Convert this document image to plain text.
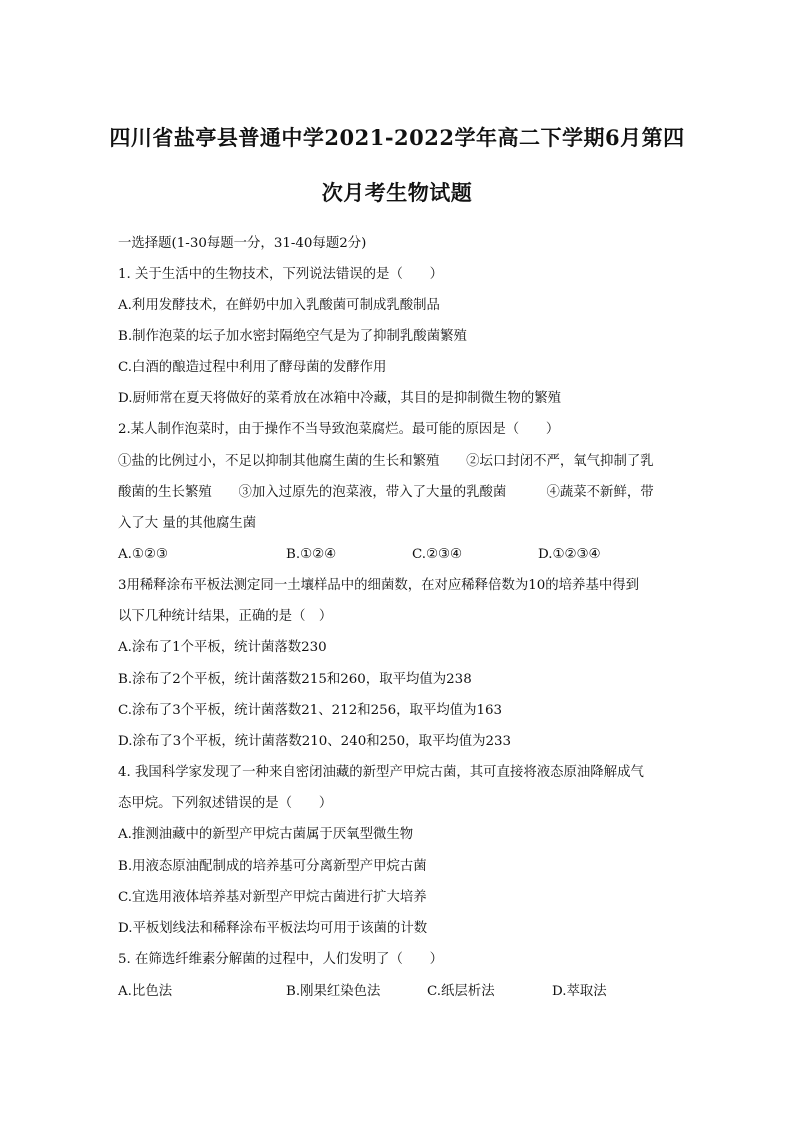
四川省盐亭县普通中学2021-2022学年高二下学期6月第四
次月考生物试题
一选择题(1-30每题一分，31-40每题2分)
1. 关于生活中的生物技术，下列说法错误的是（　　）
A.利用发酵技术，在鲜奶中加入乳酸菌可制成乳酸制品
B.制作泡菜的坛子加水密封隔绝空气是为了抑制乳酸菌繁殖
C.白酒的酿造过程中利用了酵母菌的发酵作用
D.厨师常在夏天将做好的菜肴放在冰箱中冷藏，其目的是抑制微生物的繁殖
2.某人制作泡菜时，由于操作不当导致泡菜腐烂。最可能的原因是（　　）
①盐的比例过小，不足以抑制其他腐生菌的生长和繁殖　　②坛口封闭不严，氧气抑制了乳
酸菌的生长繁殖　　③加入过原先的泡菜液，带入了大量的乳酸菌　　　④蔬菜不新鲜，带
入了大 量的其他腐生菌
A.①②③	B.①②④	C.②③④	D.①②③④
3用稀释涂布平板法测定同一土壤样品中的细菌数，在对应稀释倍数为10的培养基中得到
以下几种统计结果，正确的是（　）
A.涂布了1个平板，统计菌落数230
B.涂布了2个平板，统计菌落数215和260，取平均值为238
C.涂布了3个平板，统计菌落数21、212和256，取平均值为163
D.涂布了3个平板，统计菌落数210、240和250，取平均值为233
4. 我国科学家发现了一种来自密闭油藏的新型产甲烷古菌，其可直接将液态原油降解成气
态甲烷。下列叙述错误的是（　　）
A.推测油藏中的新型产甲烷古菌属于厌氧型微生物
B.用液态原油配制成的培养基可分离新型产甲烷古菌
C.宜选用液体培养基对新型产甲烷古菌进行扩大培养
D.平板划线法和稀释涂布平板法均可用于该菌的计数
5. 在筛选纤维素分解菌的过程中，人们发明了（　　）
A.比色法	B.刚果红染色法	C.纸层析法	D.萃取法
